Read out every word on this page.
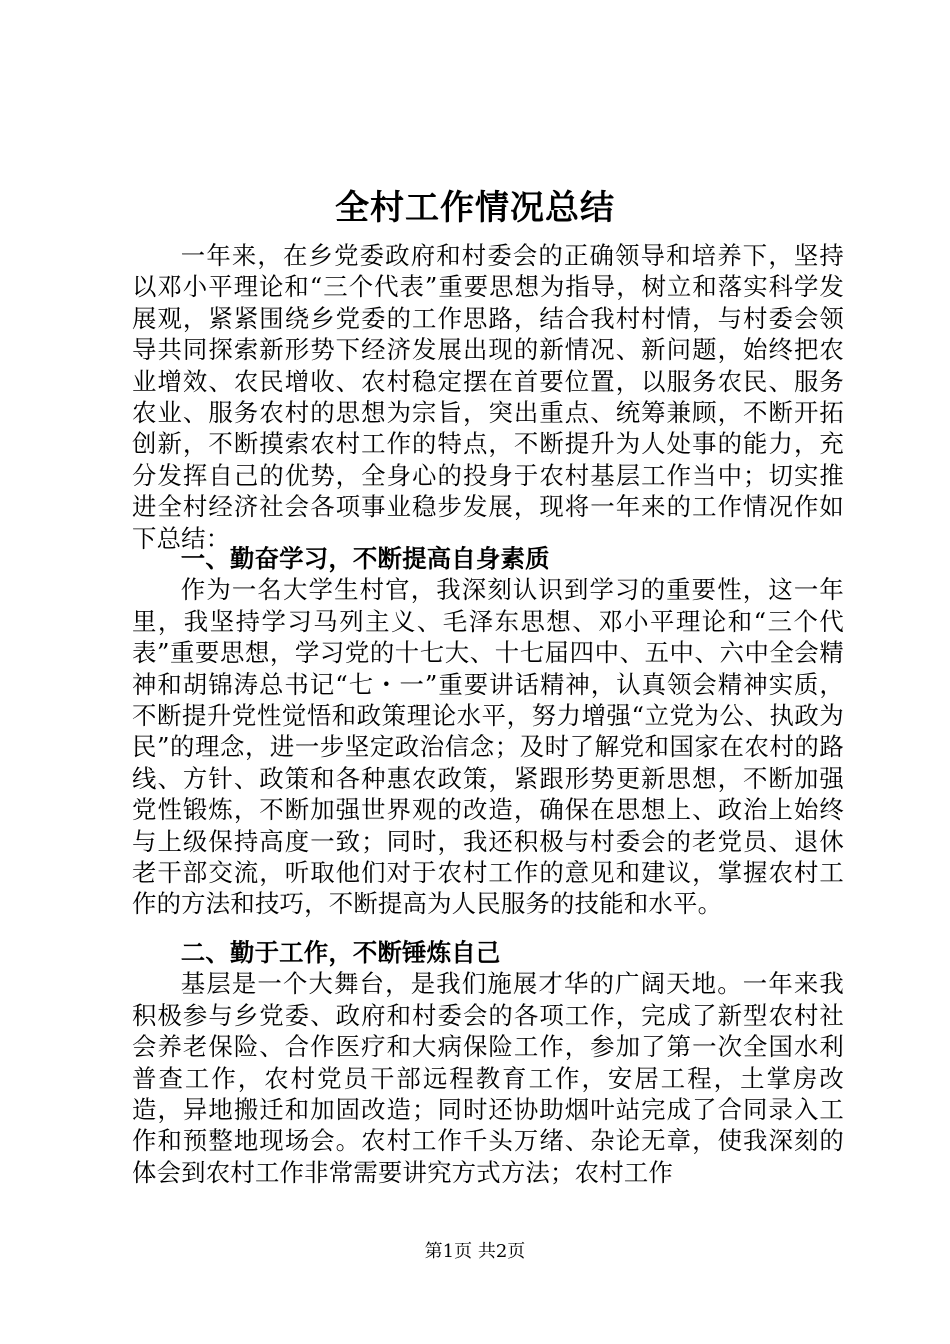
全村工作情况总结

一年来，在乡党委政府和村委会的正确领导和培养下，坚持以邓小平理论和“三个代表”重要思想为指导，树立和落实科学发展观，紧紧围绕乡党委的工作思路，结合我村村情，与村委会领导共同探索新形势下经济发展出现的新情况、新问题，始终把农业增效、农民增收、农村稳定摆在首要位置，以服务农民、服务农业、服务农村的思想为宗旨，突出重点、统筹兼顾，不断开拓创新，不断摸索农村工作的特点，不断提升为人处事的能力，充分发挥自己的优势，全身心的投身于农村基层工作当中；切实推进全村经济社会各项事业稳步发展，现将一年来的工作情况作如下总结：

一、勤奋学习，不断提高自身素质

作为一名大学生村官，我深刻认识到学习的重要性，这一年里，我坚持学习马列主义、毛泽东思想、邓小平理论和“三个代表”重要思想，学习党的十七大、十七届四中、五中、六中全会精神和胡锦涛总书记“七・一”重要讲话精神，认真领会精神实质，不断提升党性觉悟和政策理论水平，努力增强“立党为公、执政为民”的理念，进一步坚定政治信念；及时了解党和国家在农村的路线、方针、政策和各种惠农政策，紧跟形势更新思想，不断加强党性锻炼，不断加强世界观的改造，确保在思想上、政治上始终与上级保持高度一致；同时，我还积极与村委会的老党员、退休老干部交流，听取他们对于农村工作的意见和建议，掌握农村工作的方法和技巧，不断提高为人民服务的技能和水平。

二、勤于工作，不断锤炼自己

基层是一个大舞台，是我们施展才华的广阔天地。一年来我积极参与乡党委、政府和村委会的各项工作，完成了新型农村社会养老保险、合作医疗和大病保险工作，参加了第一次全国水利普查工作，农村党员干部远程教育工作，安居工程，土掌房改造，异地搬迁和加固改造；同时还协助烟叶站完成了合同录入工作和预整地现场会。农村工作千头万绪、杂论无章，使我深刻的体会到农村工作非常需要讲究方式方法；农村工作

第1页 共2页
